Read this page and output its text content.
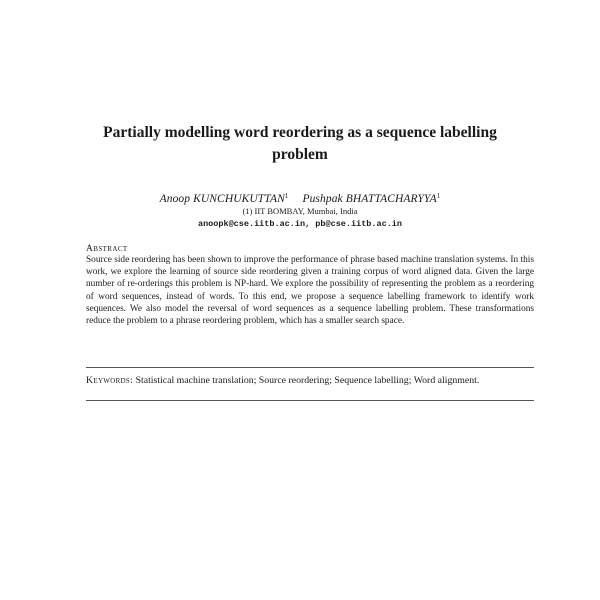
Partially modelling word reordering as a sequence labelling problem
Anoop KUNCHUKUTTAN$^1$ Pushpak BHATTACHARYYA$^1$
(1) IIT BOMBAY, Mumbai, India
anoopk@cse.iitb.ac.in, pb@cse.iitb.ac.in
Abstract
Source side reordering has been shown to improve the performance of phrase based machine translation systems. In this work, we explore the learning of source side reordering given a training corpus of word aligned data. Given the large number of re-orderings this problem is NP-hard. We explore the possibility of representing the problem as a reordering of word sequences, instead of words. To this end, we propose a sequence labelling framework to identify work sequences. We also model the reversal of word sequences as a sequence labelling problem. These transformations reduce the problem to a phrase reordering problem, which has a smaller search space.
Keywords: Statistical machine translation; Source reordering; Sequence labelling; Word alignment.
